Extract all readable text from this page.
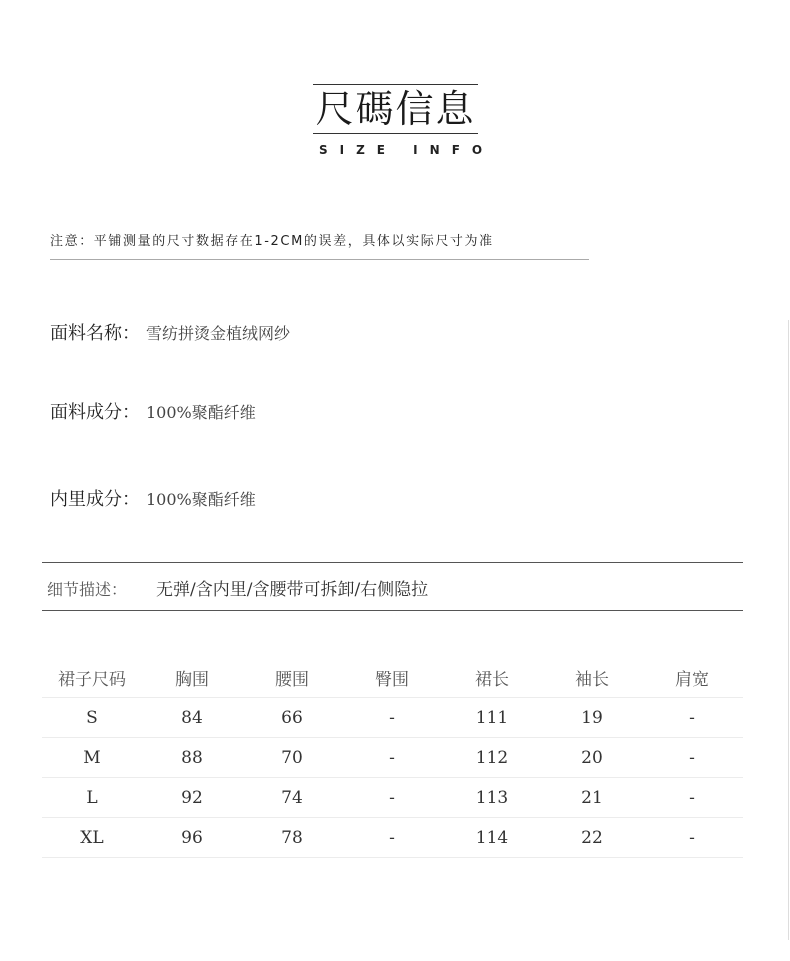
尺碼信息
SIZE INFO
注意：平铺测量的尺寸数据存在1-2CM的误差，具体以实际尺寸为准
面料名称： 雪纺拼烫金植绒网纱
面料成分： 100%聚酯纤维
内里成分： 100%聚酯纤维
细节描述： 无弹/含内里/含腰带可拆卸/右侧隐拉
裙子尺码	胸围	腰围	臀围	裙长	袖长	肩宽
S	84	66	-	111	19	-
M	88	70	-	112	20	-
L	92	74	-	113	21	-
XL	96	78	-	114	22	-
